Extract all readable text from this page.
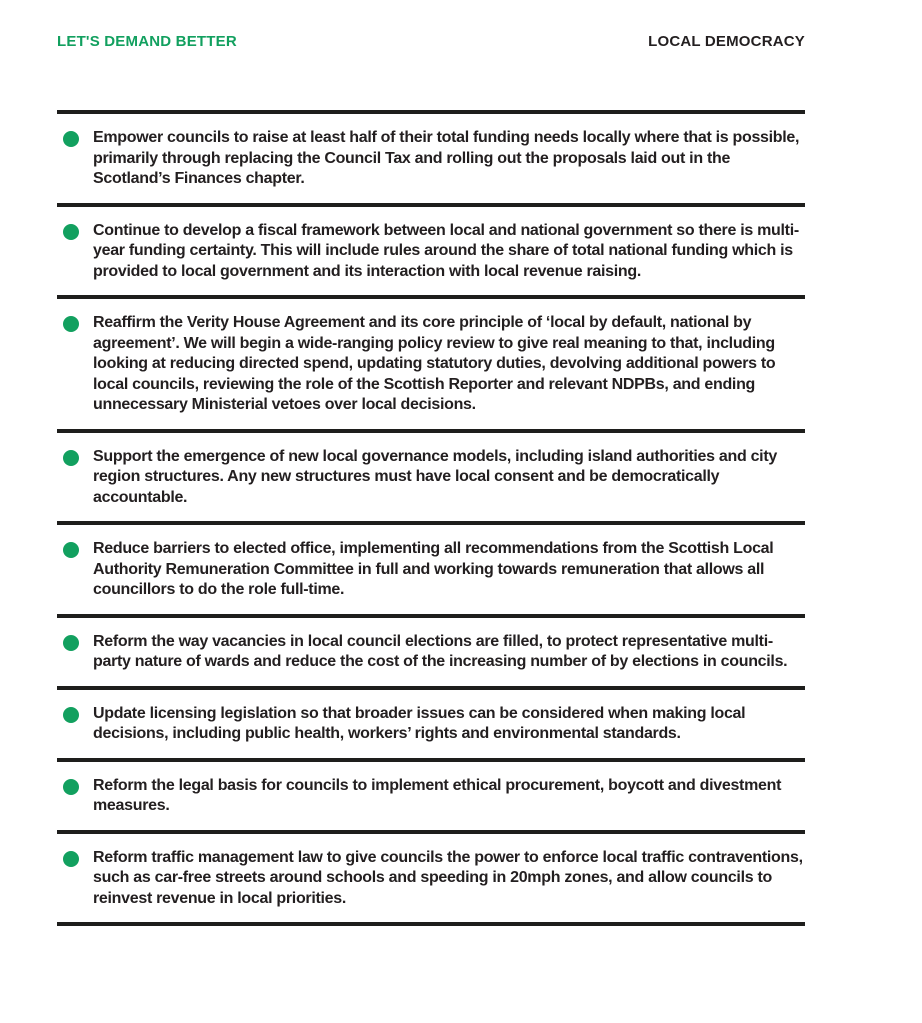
LET'S DEMAND BETTER	LOCAL DEMOCRACY

Empower councils to raise at least half of their total funding needs locally where that is possible, primarily through replacing the Council Tax and rolling out the proposals laid out in the Scotland’s Finances chapter.

Continue to develop a fiscal framework between local and national government so there is multi-year funding certainty. This will include rules around the share of total national funding which is provided to local government and its interaction with local revenue raising.

Reaffirm the Verity House Agreement and its core principle of ‘local by default, national by agreement’. We will begin a wide-ranging policy review to give real meaning to that, including looking at reducing directed spend, updating statutory duties, devolving additional powers to local councils, reviewing the role of the Scottish Reporter and relevant NDPBs, and ending unnecessary Ministerial vetoes over local decisions.

Support the emergence of new local governance models, including island authorities and city region structures. Any new structures must have local consent and be democratically accountable.

Reduce barriers to elected office, implementing all recommendations from the Scottish Local Authority Remuneration Committee in full and working towards remuneration that allows all councillors to do the role full-time.

Reform the way vacancies in local council elections are filled, to protect representative multi-party nature of wards and reduce the cost of the increasing number of by elections in councils.

Update licensing legislation so that broader issues can be considered when making local decisions, including public health, workers’ rights and environmental standards.

Reform the legal basis for councils to implement ethical procurement, boycott and divestment measures.

Reform traffic management law to give councils the power to enforce local traffic contraventions, such as car-free streets around schools and speeding in 20mph zones, and allow councils to reinvest revenue in local priorities.
